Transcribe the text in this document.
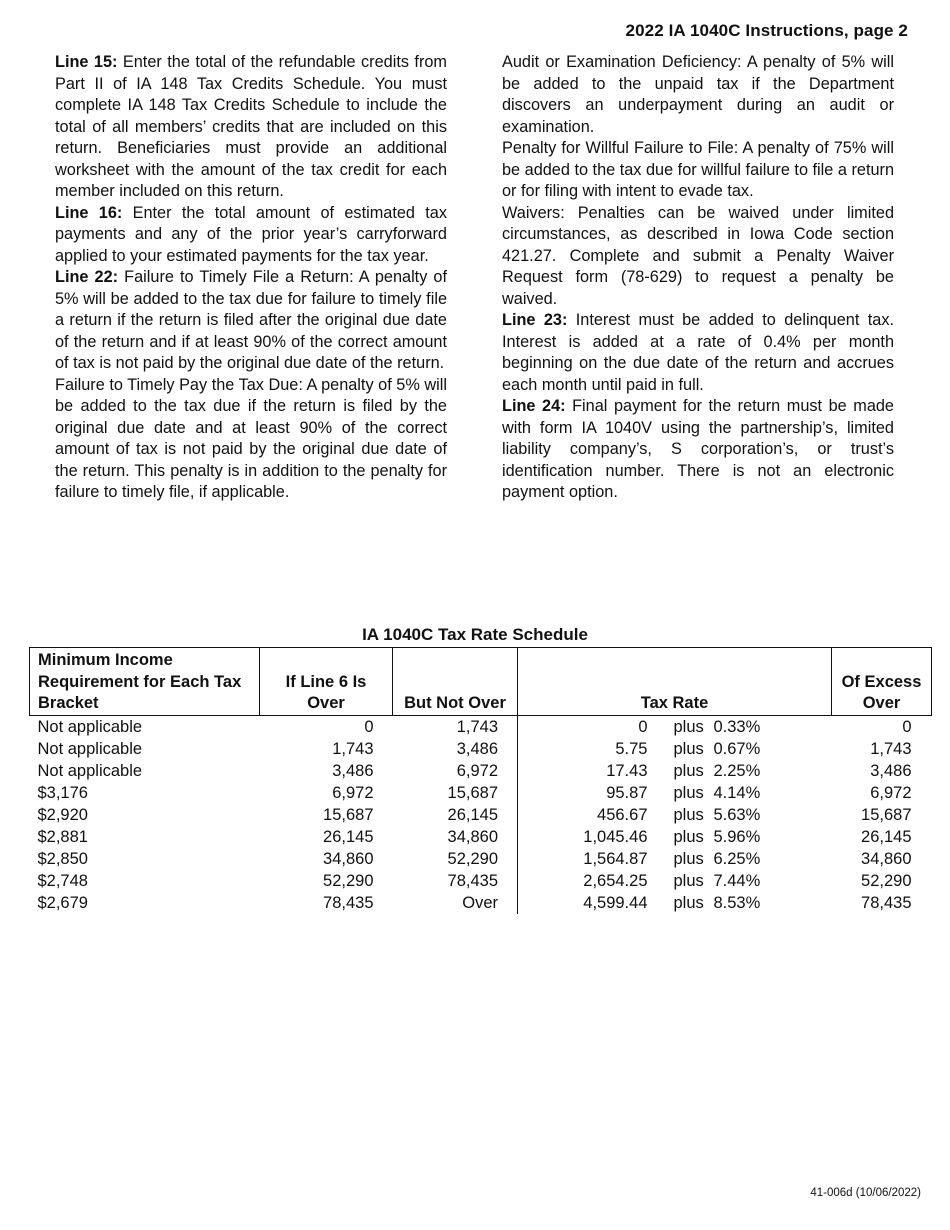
2022 IA 1040C Instructions, page 2

Line 15: Enter the total of the refundable credits from Part II of IA 148 Tax Credits Schedule. You must complete IA 148 Tax Credits Schedule to include the total of all members’ credits that are included on this return. Beneficiaries must provide an additional worksheet with the amount of the tax credit for each member included on this return.

Line 16: Enter the total amount of estimated tax payments and any of the prior year’s carryforward applied to your estimated payments for the tax year.

Line 22: Failure to Timely File a Return: A penalty of 5% will be added to the tax due for failure to timely file a return if the return is filed after the original due date of the return and if at least 90% of the correct amount of tax is not paid by the original due date of the return.

Failure to Timely Pay the Tax Due: A penalty of 5% will be added to the tax due if the return is filed by the original due date and at least 90% of the correct amount of tax is not paid by the original due date of the return. This penalty is in addition to the penalty for failure to timely file, if applicable.

Audit or Examination Deficiency: A penalty of 5% will be added to the unpaid tax if the Department discovers an underpayment during an audit or examination.

Penalty for Willful Failure to File: A penalty of 75% will be added to the tax due for willful failure to file a return or for filing with intent to evade tax.

Waivers: Penalties can be waived under limited circumstances, as described in Iowa Code section 421.27. Complete and submit a Penalty Waiver Request form (78-629) to request a penalty be waived.

Line 23: Interest must be added to delinquent tax. Interest is added at a rate of 0.4% per month beginning on the due date of the return and accrues each month until paid in full.

Line 24: Final payment for the return must be made with form IA 1040V using the partnership’s, limited liability company’s, S corporation’s, or trust’s identification number. There is not an electronic payment option.

IA 1040C Tax Rate Schedule
Minimum Income Requirement for Each Tax Bracket	If Line 6 Is Over	But Not Over	Tax Rate			Of Excess Over
Not applicable	0	1,743	0	plus	0.33%	0
Not applicable	1,743	3,486	5.75	plus	0.67%	1,743
Not applicable	3,486	6,972	17.43	plus	2.25%	3,486
$3,176	6,972	15,687	95.87	plus	4.14%	6,972
$2,920	15,687	26,145	456.67	plus	5.63%	15,687
$2,881	26,145	34,860	1,045.46	plus	5.96%	26,145
$2,850	34,860	52,290	1,564.87	plus	6.25%	34,860
$2,748	52,290	78,435	2,654.25	plus	7.44%	52,290
$2,679	78,435	Over	4,599.44	plus	8.53%	78,435
41-006d (10/06/2022)
